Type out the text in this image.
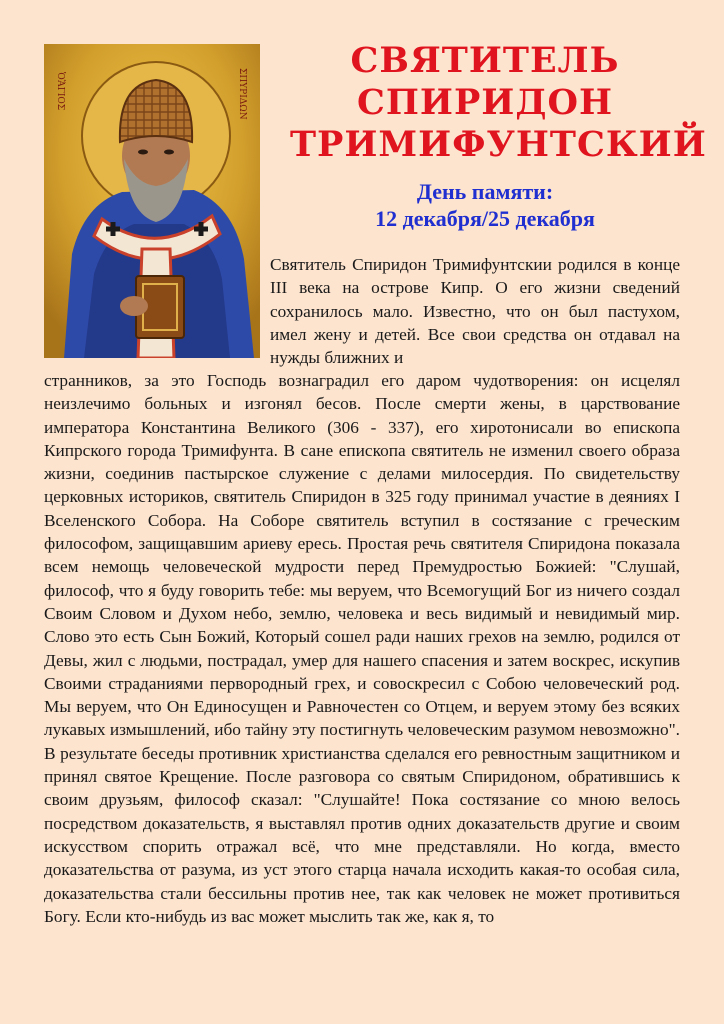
ὉἍΓΙΟΣ	ΣΠΥΡΙΔΩΝ
СВЯТИТЕЛЬ
СПИРИДОН
ТРИМИФУНТСКИЙ
День памяти:
12 декабря/25 декабря

Святитель Спиридон Тримифунтскии родился в конце III века на острове Кипр. О его жизни сведений сохранилось мало. Известно, что он был пастухом, имел жену и детей. Все свои средства он отдавал на нужды ближних и

странников, за это Господь вознаградил его даром чудотворения: он исцелял неизлечимо больных и изгонял бесов. После смерти жены, в царствование императора Константина Великого (306 - 337), его хиротонисали во епископа Кипрского города Тримифунта. В сане епископа святитель не изменил своего образа жизни, соединив пастырское служение с делами милосердия. По свидетельству церковных историков, святитель Спиридон в 325 году принимал участие в деяниях I Вселенского Собора. На Соборе святитель вступил в состязание с греческим философом, защищавшим ариеву ересь. Простая речь святителя Спиридона показала всем немощь человеческой мудрости перед Премудростью Божией: "Слушай, философ, что я буду говорить тебе: мы веруем, что Всемогущий Бог из ничего создал Своим Словом и Духом небо, землю, человека и весь видимый и невидимый мир. Слово это есть Сын Божий, Который сошел ради наших грехов на землю, родился от Девы, жил с людьми, пострадал, умер для нашего спасения и затем воскрес, искупив Своими страданиями первородный грех, и совоскресил с Собою человеческий род. Мы веруем, что Он Единосущен и Равночестен со Отцем, и веруем этому без всяких лукавых измышлений, ибо тайну эту постигнуть человеческим разумом невозможно". В результате беседы противник христианства сделался его ревностным защитником и принял святое Крещение. После разговора со святым Спиридоном, обратившись к своим друзьям, философ сказал: "Слушайте! Пока состязание со мною велось посредством доказательств, я выставлял против одних доказательств другие и своим искусством спорить отражал всё, что мне представляли. Но когда, вместо доказательства от разума, из уст этого старца начала исходить какая-то особая сила, доказательства стали бессильны против нее, так как человек не может противиться Богу. Если кто-нибудь из вас может мыслить так же, как я, то
